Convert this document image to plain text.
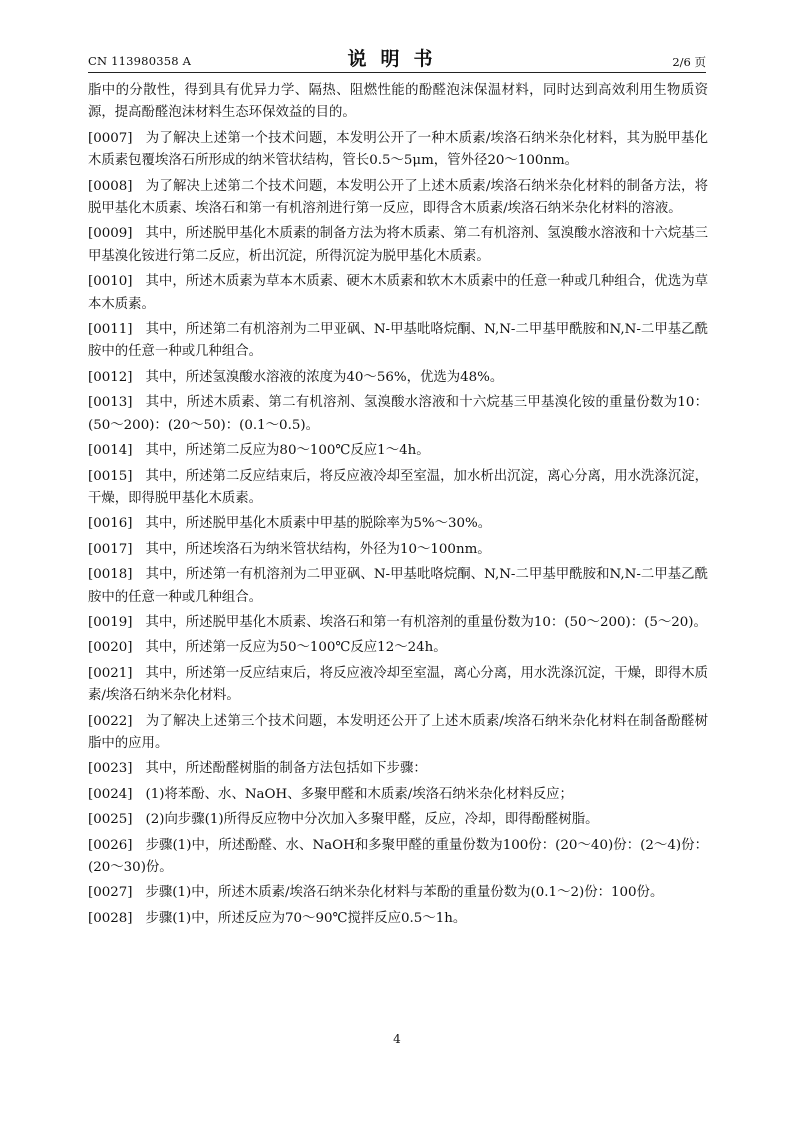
CN 113980358 A	说明书	2/6 页

脂中的分散性，得到具有优异力学、隔热、阻燃性能的酚醛泡沫保温材料，同时达到高效利用生物质资源，提高酚醛泡沫材料生态环保效益的目的。

[0007] 为了解决上述第一个技术问题，本发明公开了一种木质素/埃洛石纳米杂化材料，其为脱甲基化木质素包覆埃洛石所形成的纳米管状结构，管长0.5～5μm，管外径20～100nm。

[0008] 为了解决上述第二个技术问题，本发明公开了上述木质素/埃洛石纳米杂化材料的制备方法，将脱甲基化木质素、埃洛石和第一有机溶剂进行第一反应，即得含木质素/埃洛石纳米杂化材料的溶液。

[0009] 其中，所述脱甲基化木质素的制备方法为将木质素、第二有机溶剂、氢溴酸水溶液和十六烷基三甲基溴化铵进行第二反应，析出沉淀，所得沉淀为脱甲基化木质素。

[0010] 其中，所述木质素为草本木质素、硬木木质素和软木木质素中的任意一种或几种组合，优选为草本木质素。

[0011] 其中，所述第二有机溶剂为二甲亚砜、N-甲基吡咯烷酮、N,N-二甲基甲酰胺和N,N-二甲基乙酰胺中的任意一种或几种组合。

[0012] 其中，所述氢溴酸水溶液的浓度为40～56%，优选为48%。

[0013] 其中，所述木质素、第二有机溶剂、氢溴酸水溶液和十六烷基三甲基溴化铵的重量份数为10：(50～200)：(20～50)：(0.1～0.5)。

[0014] 其中，所述第二反应为80～100℃反应1～4h。

[0015] 其中，所述第二反应结束后，将反应液冷却至室温，加水析出沉淀，离心分离，用水洗涤沉淀，干燥，即得脱甲基化木质素。

[0016] 其中，所述脱甲基化木质素中甲基的脱除率为5%～30%。

[0017] 其中，所述埃洛石为纳米管状结构，外径为10～100nm。

[0018] 其中，所述第一有机溶剂为二甲亚砜、N-甲基吡咯烷酮、N,N-二甲基甲酰胺和N,N-二甲基乙酰胺中的任意一种或几种组合。

[0019] 其中，所述脱甲基化木质素、埃洛石和第一有机溶剂的重量份数为10：(50～200)：(5～20)。

[0020] 其中，所述第一反应为50～100℃反应12～24h。

[0021] 其中，所述第一反应结束后，将反应液冷却至室温，离心分离，用水洗涤沉淀，干燥，即得木质素/埃洛石纳米杂化材料。

[0022] 为了解决上述第三个技术问题，本发明还公开了上述木质素/埃洛石纳米杂化材料在制备酚醛树脂中的应用。

[0023] 其中，所述酚醛树脂的制备方法包括如下步骤：

[0024] (1)将苯酚、水、NaOH、多聚甲醛和木质素/埃洛石纳米杂化材料反应；

[0025] (2)向步骤(1)所得反应物中分次加入多聚甲醛，反应，冷却，即得酚醛树脂。

[0026] 步骤(1)中，所述酚醛、水、NaOH和多聚甲醛的重量份数为100份：(20～40)份：(2～4)份：(20～30)份。

[0027] 步骤(1)中，所述木质素/埃洛石纳米杂化材料与苯酚的重量份数为(0.1～2)份：100份。

[0028] 步骤(1)中，所述反应为70～90℃搅拌反应0.5～1h。

4
